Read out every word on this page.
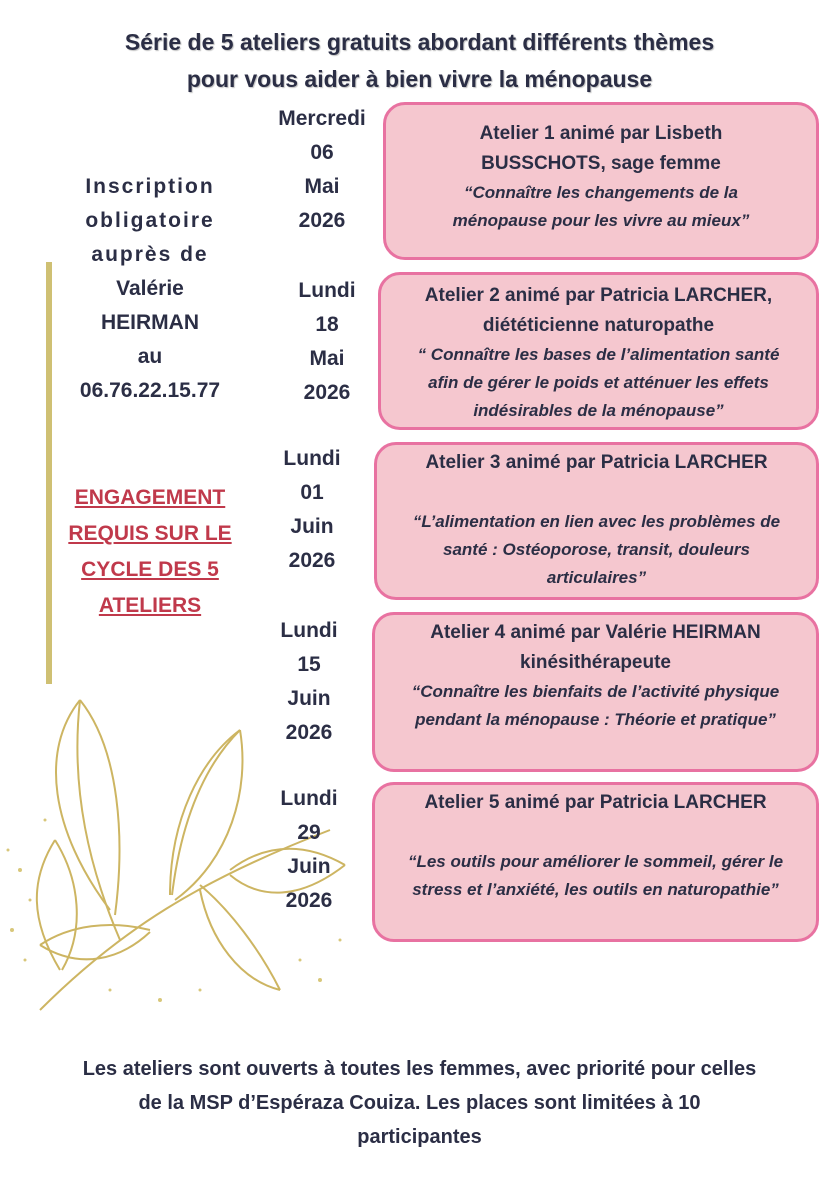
Série de 5 ateliers gratuits abordant différents thèmes
pour vous aider à bien vivre la ménopause
Inscription
obligatoire
auprès de
Valérie
HEIRMAN
au
06.76.22.15.77
ENGAGEMENT
REQUIS SUR LE
CYCLE DES 5
ATELIERS
Mercredi
06
Mai
2026
Atelier 1 animé par Lisbeth
BUSSCHOTS, sage femme
“Connaître les changements de la
ménopause pour les vivre au mieux”
Lundi
18
Mai
2026
Atelier 2 animé par Patricia LARCHER,
diététicienne naturopathe
“ Connaître les bases de l’alimentation santé
afin de gérer le poids et atténuer les effets
indésirables de la ménopause”
Lundi
01
Juin
2026
Atelier 3 animé par Patricia LARCHER
“L’alimentation en lien avec les problèmes de
santé : Ostéoporose, transit, douleurs
articulaires”
Lundi
15
Juin
2026
Atelier 4 animé par Valérie HEIRMAN
kinésithérapeute
“Connaître les bienfaits de l’activité physique
pendant la ménopause : Théorie et pratique”
Lundi
29
Juin
2026
Atelier 5 animé par Patricia LARCHER
“Les outils pour améliorer le sommeil, gérer le
stress et l’anxiété, les outils en naturopathie”
Les ateliers sont ouverts à toutes les femmes, avec priorité pour celles
de la MSP d’Espéraza Couiza. Les places sont limitées à 10
participantes
